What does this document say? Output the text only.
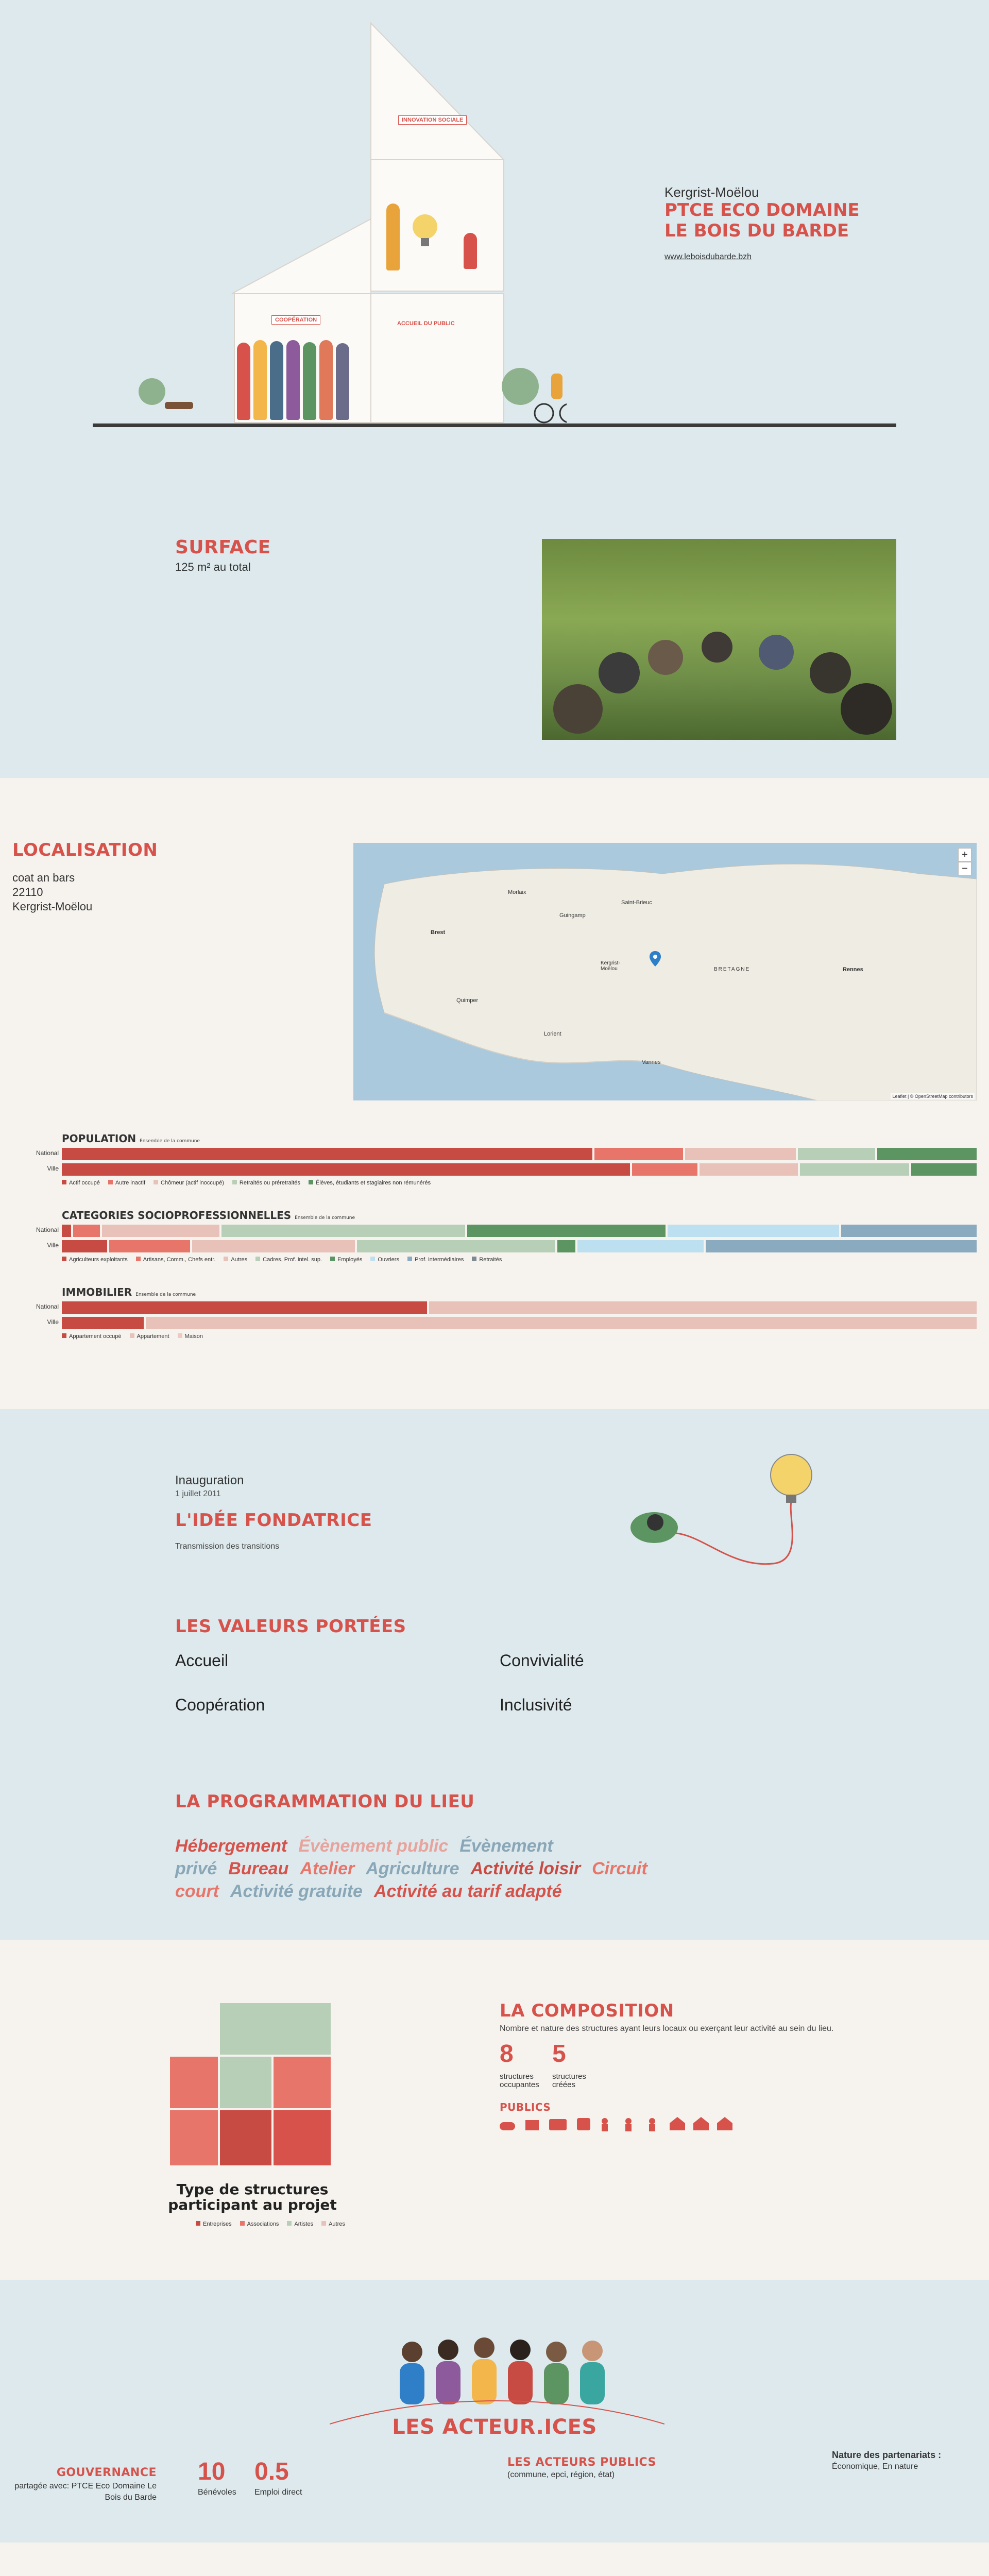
INNOVATION SOCIALE
COOPÉRATION
ACCUEIL DU PUBLIC
Kergrist-Moëlou
PTCE ECO DOMAINE LE BOIS DU BARDE
www.leboisdubarde.bzh
SURFACE
125 m² au total
LOCALISATION
coat an bars
22110
Kergrist-Moëlou
Brest
Quimper
Lorient
Vannes
Saint-Brieuc
Morlaix
Rennes
BRETAGNE
Guingamp
Kergrist-Moëlou
+
−
Leaflet | © OpenStreetMap contributors
POPULATION Ensemble de la commune
National
Ville
Actif occupé	Autre inactif	Chômeur (actif inoccupé)	Retraités ou préretraités	Élèves, étudiants et stagiaires non rémunérés
CATEGORIES SOCIOPROFESSIONNELLES Ensemble de la commune
National
Ville
Agriculteurs exploitants	Artisans, Comm., Chefs entr.	Autres	Cadres, Prof. intel. sup.	Employés	Ouvriers	Prof. intermédiaires	Retraités
IMMOBILIER Ensemble de la commune
National
Ville
Appartement occupé	Appartement	Maison
Inauguration
1 juillet 2011
L'IDÉE FONDATRICE
Transmission des transitions
LES VALEURS PORTÉES
Accueil	Convivialité
Coopération	Inclusivité
LA PROGRAMMATION DU LIEU
Hébergement Évènement public Évènement privé Bureau Atelier Agriculture Activité loisir Circuit court Activité gratuite Activité au tarif adapté
Type de structures participant au projet
Entreprises	Associations	Artistes	Autres
LA COMPOSITION
Nombre et nature des structures ayant leurs locaux ou exerçant leur activité au sein du lieu.
8
structures
occupantes
5
structures
créées
PUBLICS
LES ACTEUR.ICES
GOUVERNANCE
partagée avec: PTCE Eco Domaine Le Bois du Barde
10
Bénévoles
0.5
Emploi direct
LES ACTEURS PUBLICS
(commune, epci, région, état)
Nature des partenariats :
Économique, En nature
